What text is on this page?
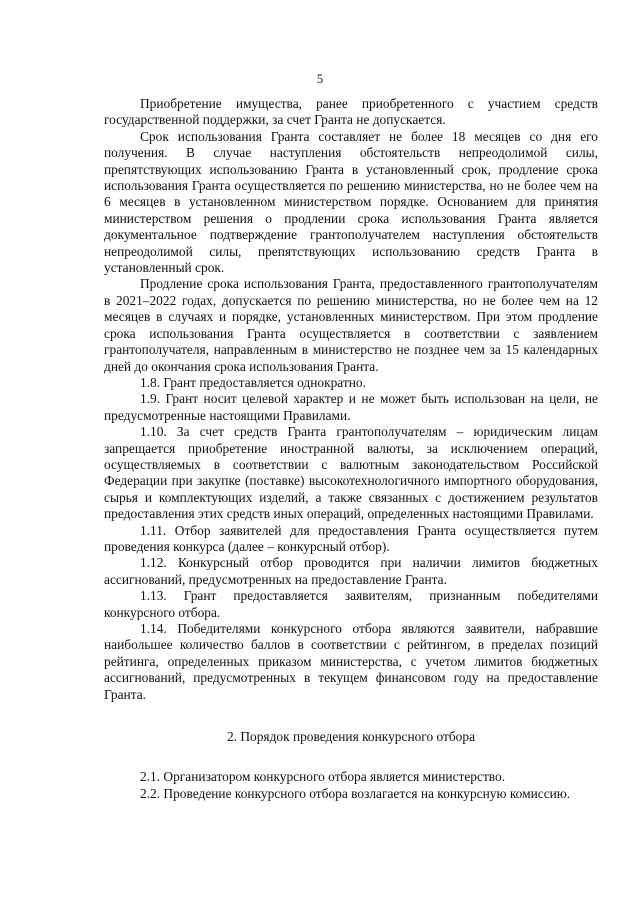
5

Приобретение имущества, ранее приобретенного с участием средств государственной поддержки, за счет Гранта не допускается.

Срок использования Гранта составляет не более 18 месяцев со дня его получения. В случае наступления обстоятельств непреодолимой силы, препятствующих использованию Гранта в установленный срок, продление срока использования Гранта осуществляется по решению министерства, но не более чем на 6 месяцев в установленном министерством порядке. Основанием для принятия министерством решения о продлении срока использования Гранта является документальное подтверждение грантополучателем наступления обстоятельств непреодолимой силы, препятствующих использованию средств Гранта в установленный срок.

Продление срока использования Гранта, предоставленного грантополучателям в 2021–2022 годах, допускается по решению министерства, но не более чем на 12 месяцев в случаях и порядке, установленных министерством. При этом продление срока использования Гранта осуществляется в соответствии с заявлением грантополучателя, направленным в министерство не позднее чем за 15 календарных дней до окончания срока использования Гранта.

1.8. Грант предоставляется однократно.

1.9. Грант носит целевой характер и не может быть использован на цели, не предусмотренные настоящими Правилами.

1.10. За счет средств Гранта грантополучателям – юридическим лицам запрещается приобретение иностранной валюты, за исключением операций, осуществляемых в соответствии с валютным законодательством Российской Федерации при закупке (поставке) высокотехнологичного импортного оборудования, сырья и комплектующих изделий, а также связанных с достижением результатов предоставления этих средств иных операций, определенных настоящими Правилами.

1.11. Отбор заявителей для предоставления Гранта осуществляется путем проведения конкурса (далее – конкурсный отбор).

1.12. Конкурсный отбор проводится при наличии лимитов бюджетных ассигнований, предусмотренных на предоставление Гранта.

1.13. Грант предоставляется заявителям, признанным победителями конкурсного отбора.

1.14. Победителями конкурсного отбора являются заявители, набравшие наибольшее количество баллов в соответствии с рейтингом, в пределах позиций рейтинга, определенных приказом министерства, с учетом лимитов бюджетных ассигнований, предусмотренных в текущем финансовом году на предоставление Гранта.

2. Порядок проведения конкурсного отбора

2.1. Организатором конкурсного отбора является министерство.

2.2. Проведение конкурсного отбора возлагается на конкурсную комиссию.
